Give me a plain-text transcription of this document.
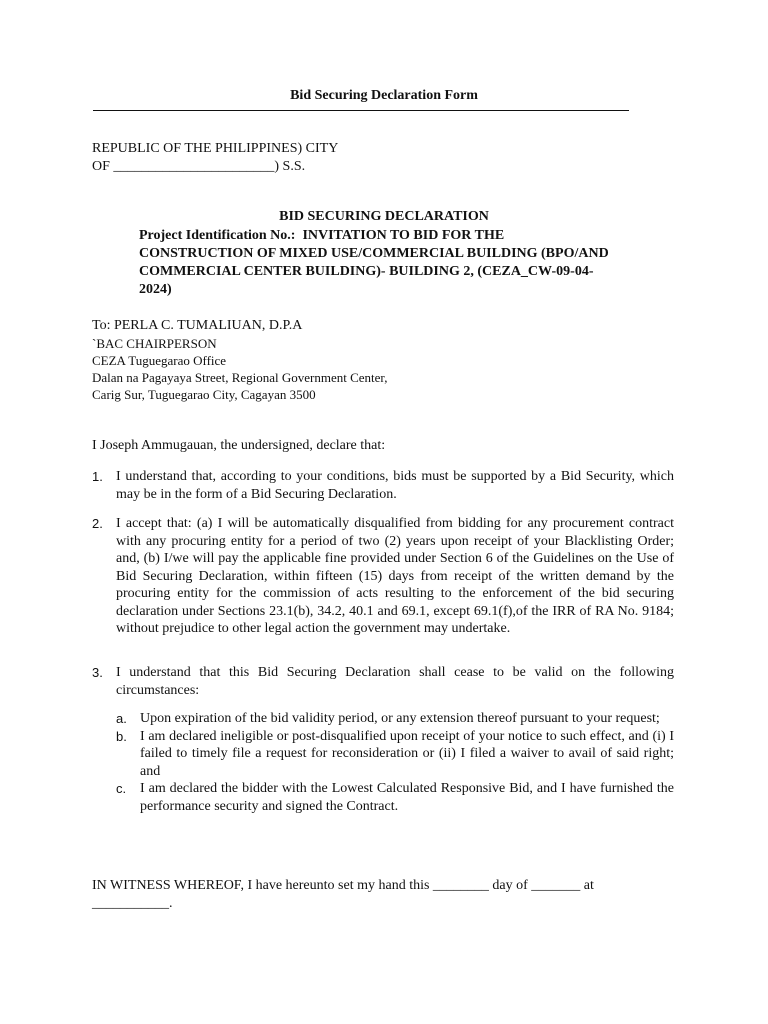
Bid Securing Declaration Form
REPUBLIC OF THE PHILIPPINES) CITY
OF _______________________) S.S.
BID SECURING DECLARATION
Project Identification No.: INVITATION TO BID FOR THE
CONSTRUCTION OF MIXED USE/COMMERCIAL BUILDING (BPO/AND
COMMERCIAL CENTER BUILDING)- BUILDING 2, (CEZA_CW-09-04-
2024)
To: PERLA C. TUMALIUAN, D.P.A
`BAC CHAIRPERSON
CEZA Tuguegarao Office
Dalan na Pagayaya Street, Regional Government Center,
Carig Sur, Tuguegarao City, Cagayan 3500
I Joseph Ammugauan, the undersigned, declare that:
1. I understand that, according to your conditions, bids must be supported by a Bid Security, which may be in the form of a Bid Securing Declaration.
2. I accept that: (a) I will be automatically disqualified from bidding for any procurement contract with any procuring entity for a period of two (2) years upon receipt of your Blacklisting Order; and, (b) I/we will pay the applicable fine provided under Section 6 of the Guidelines on the Use of Bid Securing Declaration, within fifteen (15) days from receipt of the written demand by the procuring entity for the commission of acts resulting to the enforcement of the bid securing declaration under Sections 23.1(b), 34.2, 40.1 and 69.1, except 69.1(f),of the IRR of RA No. 9184; without prejudice to other legal action the government may undertake.
3. I understand that this Bid Securing Declaration shall cease to be valid on the following circumstances:
a. Upon expiration of the bid validity period, or any extension thereof pursuant to your request;
b. I am declared ineligible or post-disqualified upon receipt of your notice to such effect, and (i) I failed to timely file a request for reconsideration or (ii) I filed a waiver to avail of said right; and
c. I am declared the bidder with the Lowest Calculated Responsive Bid, and I have furnished the performance security and signed the Contract.
IN WITNESS WHEREOF, I have hereunto set my hand this ________ day of _______ at
___________.
